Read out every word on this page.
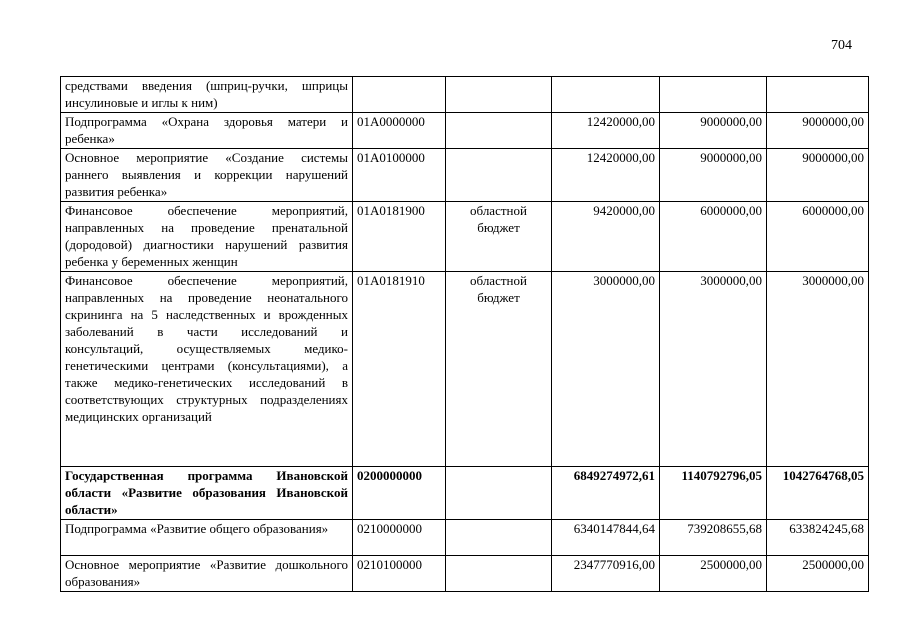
704
средствами введения (шприц-ручки, шприцы инсулиновые и иглы к ним)					
Подпрограмма «Охрана здоровья матери и ребенка»	01А0000000		12420000,00	9000000,00	9000000,00
Основное мероприятие «Создание системы раннего выявления и коррекции нарушений развития ребенка»	01А0100000		12420000,00	9000000,00	9000000,00
Финансовое обеспечение мероприятий, направленных на проведение пренатальной (дородовой) диагностики нарушений развития ребенка у беременных женщин	01А0181900	областной бюджет	9420000,00	6000000,00	6000000,00
Финансовое обеспечение мероприятий, направленных на проведение неонатального скрининга на 5 наследственных и врожденных заболеваний в части исследований и консультаций, осуществляемых медико-генетическими центрами (консультациями), а также медико-генетических исследований в соответствующих структурных подразделениях медицинских организаций	01А0181910	областной бюджет	3000000,00	3000000,00	3000000,00
Государственная программа Ивановской области «Развитие образования Ивановской области»	0200000000		6849274972,61	1140792796,05	1042764768,05
Подпрограмма «Развитие общего образования»	0210000000		6340147844,64	739208655,68	633824245,68
Основное мероприятие «Развитие дошкольного образования»	0210100000		2347770916,00	2500000,00	2500000,00
